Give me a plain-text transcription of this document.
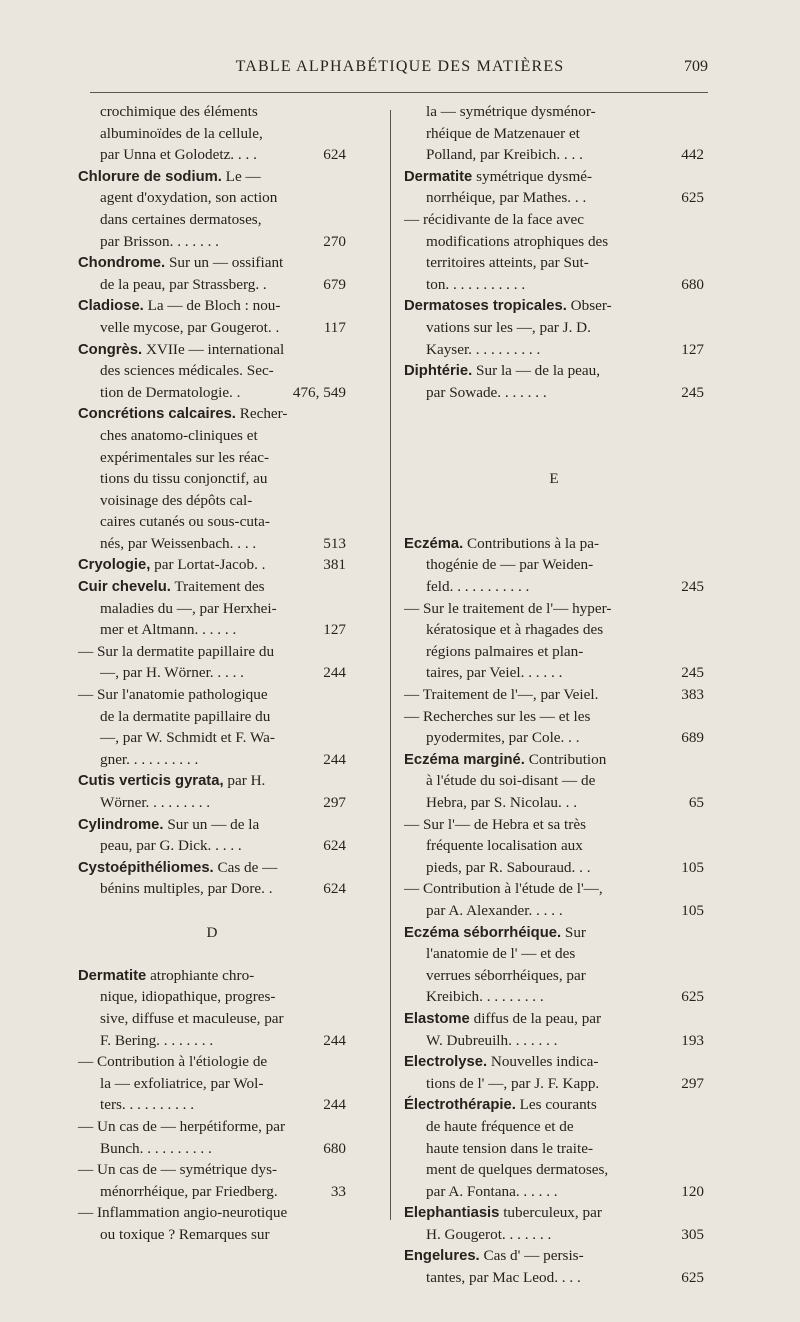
TABLE ALPHABÉTIQUE DES MATIÈRES	709
crochimique des éléments
albuminoïdes de la cellule,
par Unna et Golodetz. . . .	624
Chlorure de sodium. Le —
agent d'oxydation, son action
dans certaines dermatoses,
par Brisson. . . . . . .	270
Chondrome. Sur un — ossifiant
de la peau, par Strassberg. .	679
Cladiose. La — de Bloch : nou-
velle mycose, par Gougerot. .	117
Congrès. XVIIe — international
des sciences médicales. Sec-
tion de Dermatologie. .	476, 549
Concrétions calcaires. Recher-
ches anatomo-cliniques et
expérimentales sur les réac-
tions du tissu conjonctif, au
voisinage des dépôts cal-
caires cutanés ou sous-cuta-
nés, par Weissenbach. . . .	513
Cryologie, par Lortat-Jacob. .	381
Cuir chevelu. Traitement des
maladies du —, par Herxhei-
mer et Altmann. . . . . .	127
— Sur la dermatite papillaire du
—, par H. Wörner. . . . .	244
— Sur l'anatomie pathologique
de la dermatite papillaire du
—, par W. Schmidt et F. Wa-
gner. . . . . . . . . .	244
Cutis verticis gyrata, par H.
Wörner. . . . . . . . .	297
Cylindrome. Sur un — de la
peau, par G. Dick. . . . .	624
Cystoépithéliomes. Cas de —
bénins multiples, par Dore. .	624
D
Dermatite atrophiante chro-
nique, idiopathique, progres-
sive, diffuse et maculeuse, par
F. Bering. . . . . . . .	244
— Contribution à l'étiologie de
la — exfoliatrice, par Wol-
ters. . . . . . . . . .	244
— Un cas de — herpétiforme, par
Bunch. . . . . . . . . .	680
— Un cas de — symétrique dys-
ménorrhéique, par Friedberg.	33
— Inflammation angio-neurotique
ou toxique ? Remarques sur
la — symétrique dysménor-
rhéique de Matzenauer et
Polland, par Kreibich. . . .	442
Dermatite symétrique dysmé-
norrhéique, par Mathes. . .	625
— récidivante de la face avec
modifications atrophiques des
territoires atteints, par Sut-
ton. . . . . . . . . . .	680
Dermatoses tropicales. Obser-
vations sur les —, par J. D.
Kayser. . . . . . . . . .	127
Diphtérie. Sur la — de la peau,
par Sowade. . . . . . .	245
E
Eczéma. Contributions à la pa-
thogénie de — par Weiden-
feld. . . . . . . . . . .	245
— Sur le traitement de l'— hyper-
kératosique et à rhagades des
régions palmaires et plan-
taires, par Veiel. . . . . .	245
— Traitement de l'—, par Veiel.	383
— Recherches sur les — et les
pyodermites, par Cole. . .	689
Eczéma marginé. Contribution
à l'étude du soi-disant — de
Hebra, par S. Nicolau. . .	65
— Sur l'— de Hebra et sa très
fréquente localisation aux
pieds, par R. Sabouraud. . .	105
— Contribution à l'étude de l'—,
par A. Alexander. . . . .	105
Eczéma séborrhéique. Sur
l'anatomie de l' — et des
verrues séborrhéiques, par
Kreibich. . . . . . . . .	625
Elastome diffus de la peau, par
W. Dubreuilh. . . . . . .	193
Electrolyse. Nouvelles indica-
tions de l' —, par J. F. Kapp.	297
Électrothérapie. Les courants
de haute fréquence et de
haute tension dans le traite-
ment de quelques dermatoses,
par A. Fontana. . . . . .	120
Elephantiasis tuberculeux, par
H. Gougerot. . . . . . .	305
Engelures. Cas d' — persis-
tantes, par Mac Leod. . . .	625
